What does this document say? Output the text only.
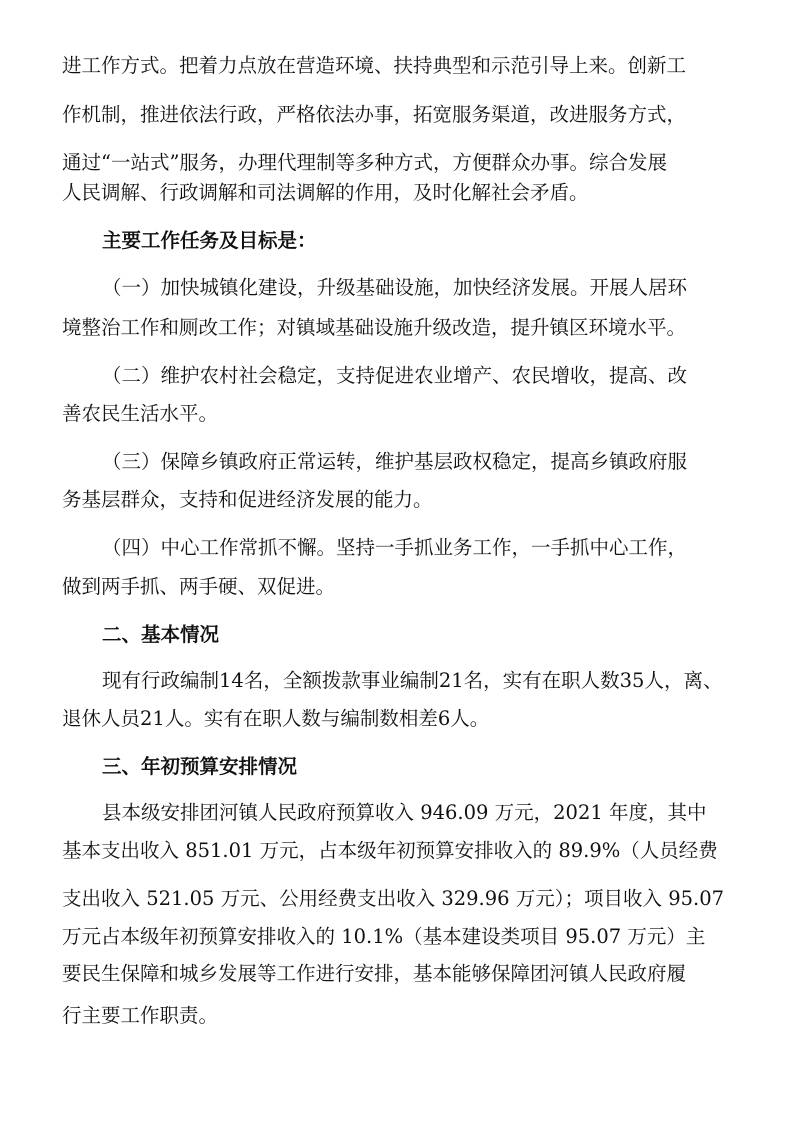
进工作方式。把着力点放在营造环境、扶持典型和示范引导上来。创新工
作机制，推进依法行政，严格依法办事，拓宽服务渠道，改进服务方式，
通过“一站式”服务，办理代理制等多种方式，方便群众办事。综合发展
人民调解、行政调解和司法调解的作用，及时化解社会矛盾。
主要工作任务及目标是：
（一）加快城镇化建设，升级基础设施，加快经济发展。开展人居环
境整治工作和厕改工作；对镇域基础设施升级改造，提升镇区环境水平。
（二）维护农村社会稳定，支持促进农业增产、农民增收，提高、改
善农民生活水平。
（三）保障乡镇政府正常运转，维护基层政权稳定，提高乡镇政府服
务基层群众，支持和促进经济发展的能力。
（四）中心工作常抓不懈。坚持一手抓业务工作，一手抓中心工作，
做到两手抓、两手硬、双促进。
二、基本情况
现有行政编制14名，全额拨款事业编制21名，实有在职人数35人，离、
退休人员21人。实有在职人数与编制数相差6人。
三、年初预算安排情况
县本级安排团河镇人民政府预算收入 946.09 万元，2021 年度，其中
基本支出收入 851.01 万元，占本级年初预算安排收入的 89.9%（人员经费
支出收入 521.05 万元、公用经费支出收入 329.96 万元）；项目收入 95.07
万元占本级年初预算安排收入的 10.1%（基本建设类项目 95.07 万元）主
要民生保障和城乡发展等工作进行安排，基本能够保障团河镇人民政府履
行主要工作职责。
